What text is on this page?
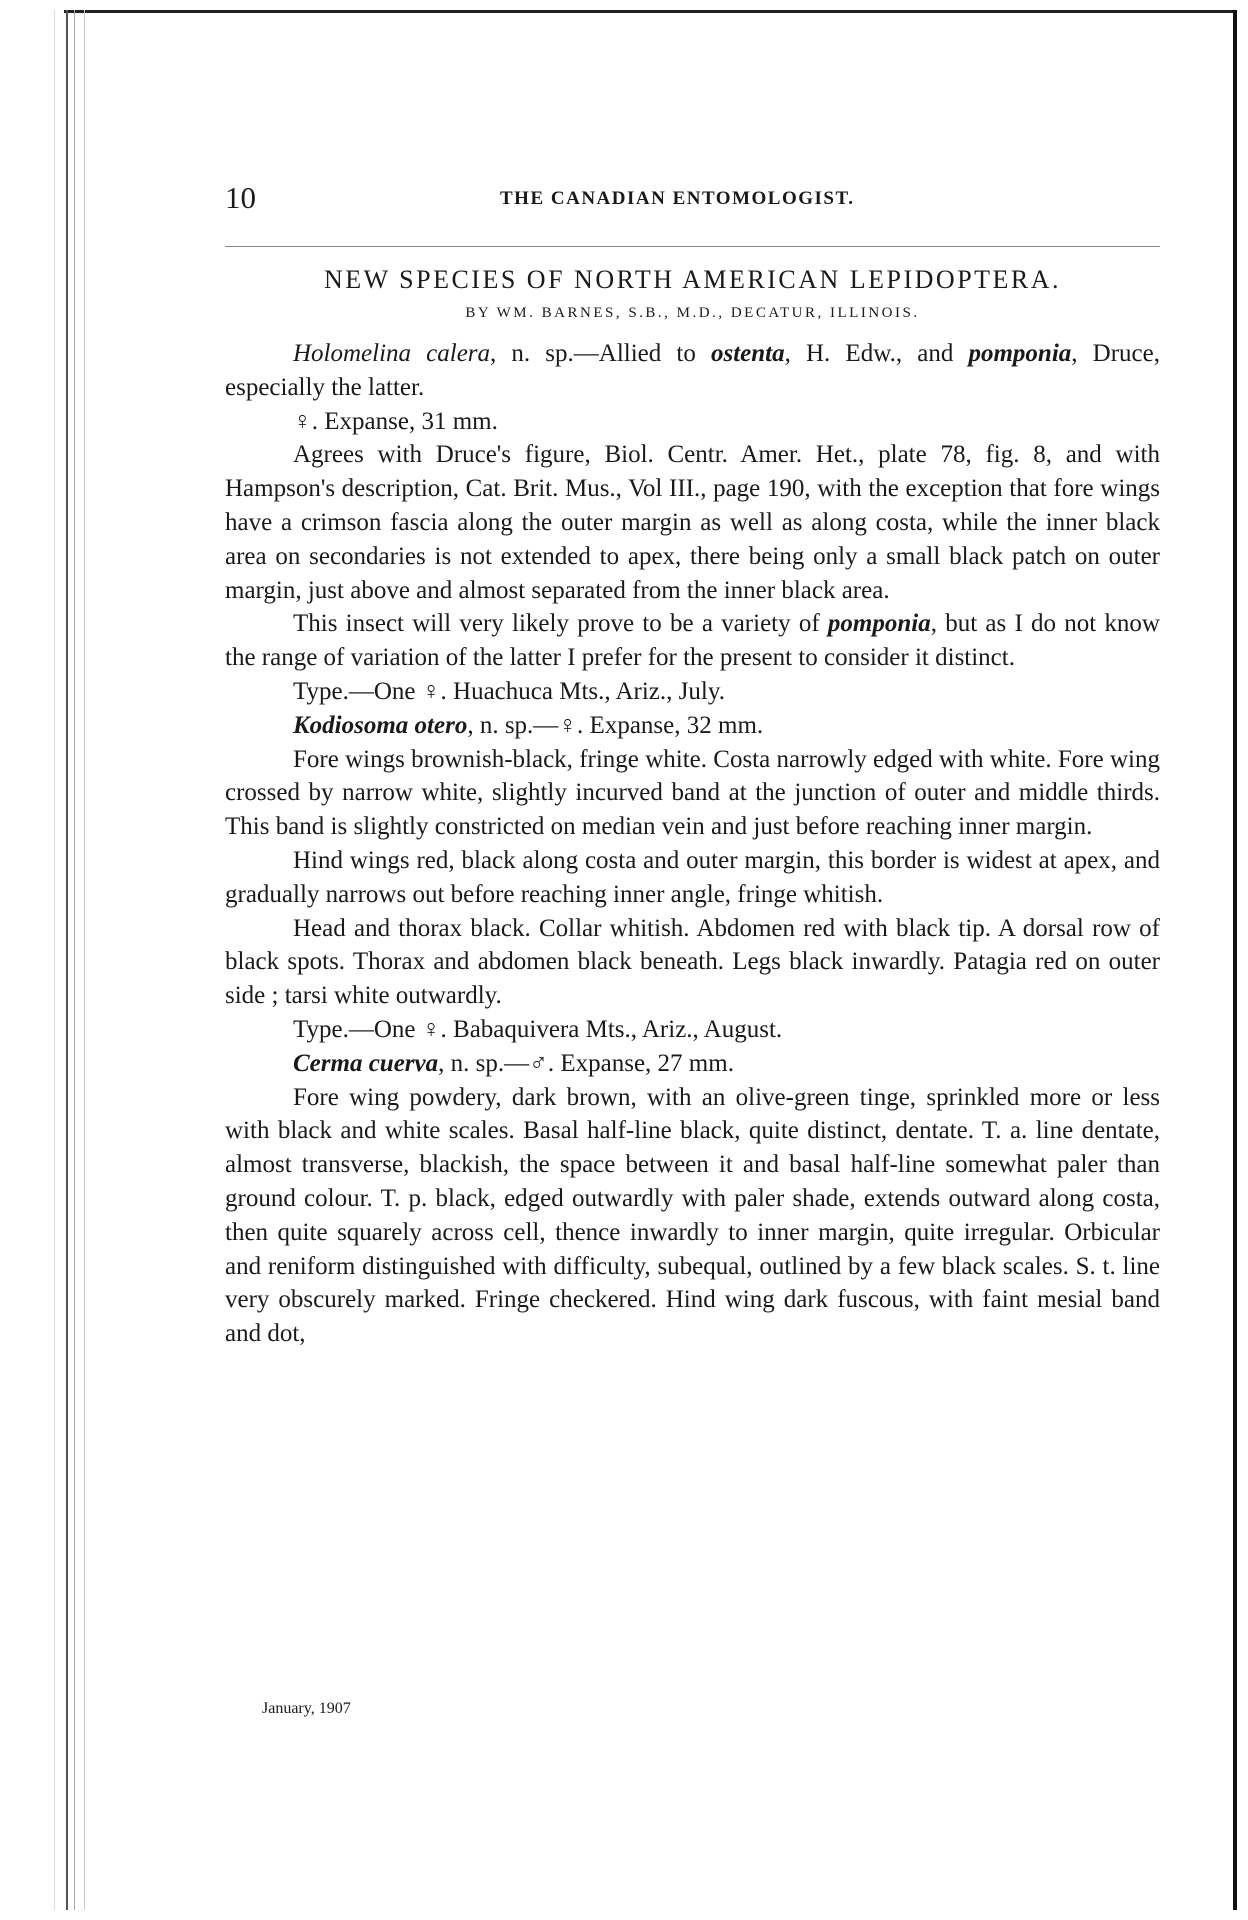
10	THE CANADIAN ENTOMOLOGIST.
NEW SPECIES OF NORTH AMERICAN LEPIDOPTERA.
BY WM. BARNES, S.B., M.D., DECATUR, ILLINOIS.

Holomelina calera, n. sp.—Allied to ostenta, H. Edw., and pomponia, Druce, especially the latter.

♀. Expanse, 31 mm.

Agrees with Druce's figure, Biol. Centr. Amer. Het., plate 78, fig. 8, and with Hampson's description, Cat. Brit. Mus., Vol III., page 190, with the exception that fore wings have a crimson fascia along the outer margin as well as along costa, while the inner black area on secondaries is not extended to apex, there being only a small black patch on outer margin, just above and almost separated from the inner black area.

This insect will very likely prove to be a variety of pomponia, but as I do not know the range of variation of the latter I prefer for the present to consider it distinct.

Type.—One ♀. Huachuca Mts., Ariz., July.

Kodiosoma otero, n. sp.—♀. Expanse, 32 mm.

Fore wings brownish-black, fringe white. Costa narrowly edged with white. Fore wing crossed by narrow white, slightly incurved band at the junction of outer and middle thirds. This band is slightly constricted on median vein and just before reaching inner margin.

Hind wings red, black along costa and outer margin, this border is widest at apex, and gradually narrows out before reaching inner angle, fringe whitish.

Head and thorax black. Collar whitish. Abdomen red with black tip. A dorsal row of black spots. Thorax and abdomen black beneath. Legs black inwardly. Patagia red on outer side ; tarsi white outwardly.

Type.—One ♀. Babaquivera Mts., Ariz., August.

Cerma cuerva, n. sp.—♂. Expanse, 27 mm.

Fore wing powdery, dark brown, with an olive-green tinge, sprinkled more or less with black and white scales. Basal half-line black, quite distinct, dentate. T. a. line dentate, almost transverse, blackish, the space between it and basal half-line somewhat paler than ground colour. T. p. black, edged outwardly with paler shade, extends outward along costa, then quite squarely across cell, thence inwardly to inner margin, quite irregular. Orbicular and reniform distinguished with difficulty, subequal, outlined by a few black scales. S. t. line very obscurely marked. Fringe checkered. Hind wing dark fuscous, with faint mesial band and dot,

January, 1907
